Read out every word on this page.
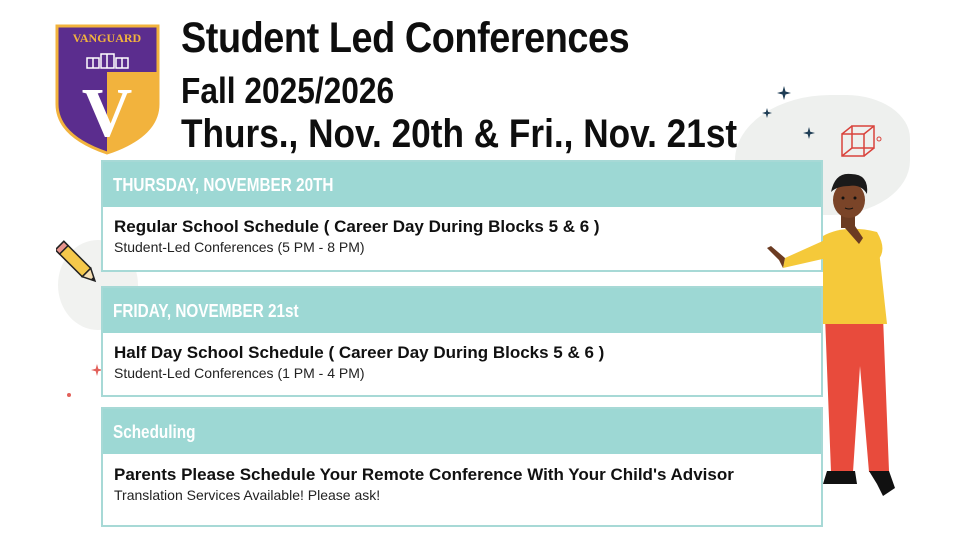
VANGUARD
V
Student Led Conferences
Fall 2025/2026
Thurs., Nov. 20th & Fri., Nov. 21st
THURSDAY, NOVEMBER 20TH
Regular School Schedule ( Career Day During Blocks 5 & 6 )
Student-Led Conferences (5 PM - 8 PM)
FRIDAY, NOVEMBER 21st
Half Day School Schedule ( Career Day During Blocks 5 & 6 )
Student-Led Conferences (1 PM - 4 PM)
Scheduling
Parents Please Schedule Your Remote Conference With Your Child's Advisor
Translation Services Available! Please ask!
